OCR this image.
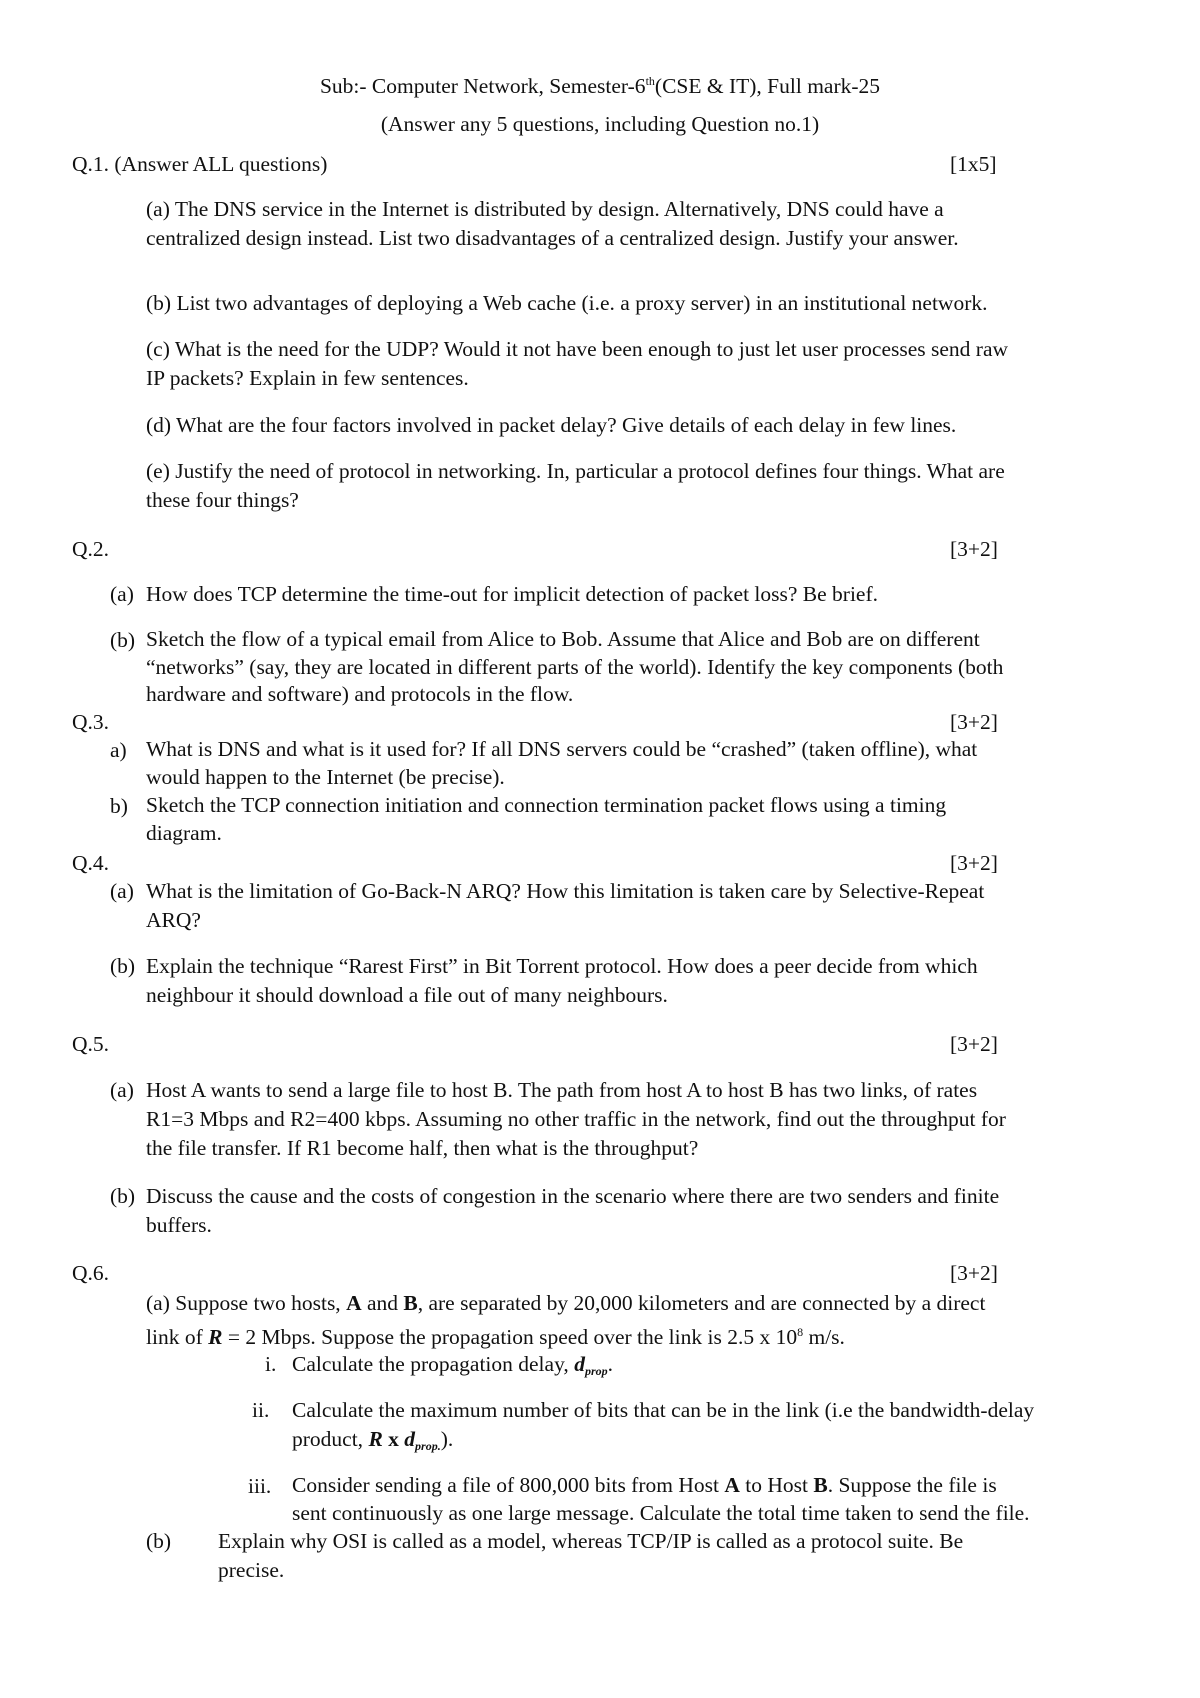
Sub:- Computer Network, Semester-6th(CSE & IT), Full mark-25
(Answer any 5 questions, including Question no.1)
Q.1. (Answer ALL questions)	[1x5]
(a) The DNS service in the Internet is distributed by design. Alternatively, DNS could have a
centralized design instead. List two disadvantages of a centralized design. Justify your answer.
(b) List two advantages of deploying a Web cache (i.e. a proxy server) in an institutional network.
(c) What is the need for the UDP? Would it not have been enough to just let user processes send raw
IP packets? Explain in few sentences.
(d) What are the four factors involved in packet delay? Give details of each delay in few lines.
(e) Justify the need of protocol in networking. In, particular a protocol defines four things. What are
these four things?
Q.2.	[3+2]
(a) How does TCP determine the time-out for implicit detection of packet loss? Be brief.
(b) Sketch the flow of a typical email from Alice to Bob. Assume that Alice and Bob are on different
“networks” (say, they are located in different parts of the world). Identify the key components (both
hardware and software) and protocols in the flow.
Q.3.	[3+2]
a) What is DNS and what is it used for? If all DNS servers could be “crashed” (taken offline), what
would happen to the Internet (be precise).
b) Sketch the TCP connection initiation and connection termination packet flows using a timing
diagram.
Q.4.	[3+2]
(a) What is the limitation of Go-Back-N ARQ? How this limitation is taken care by Selective-Repeat
ARQ?
(b) Explain the technique “Rarest First” in Bit Torrent protocol. How does a peer decide from which
neighbour it should download a file out of many neighbours.
Q.5.	[3+2]
(a) Host A wants to send a large file to host B. The path from host A to host B has two links, of rates
R1=3 Mbps and R2=400 kbps. Assuming no other traffic in the network, find out the throughput for
the file transfer. If R1 become half, then what is the throughput?
(b) Discuss the cause and the costs of congestion in the scenario where there are two senders and finite
buffers.
Q.6.	[3+2]
(a) Suppose two hosts, A and B, are separated by 20,000 kilometers and are connected by a direct
link of R = 2 Mbps. Suppose the propagation speed over the link is 2.5 x $10^8$ m/s.
i. Calculate the propagation delay, dprop.
ii. Calculate the maximum number of bits that can be in the link (i.e the bandwidth-delay
product, R x dprop.).
iii. Consider sending a file of 800,000 bits from Host A to Host B. Suppose the file is
sent continuously as one large message. Calculate the total time taken to send the file.
(b) Explain why OSI is called as a model, whereas TCP/IP is called as a protocol suite. Be
precise.
